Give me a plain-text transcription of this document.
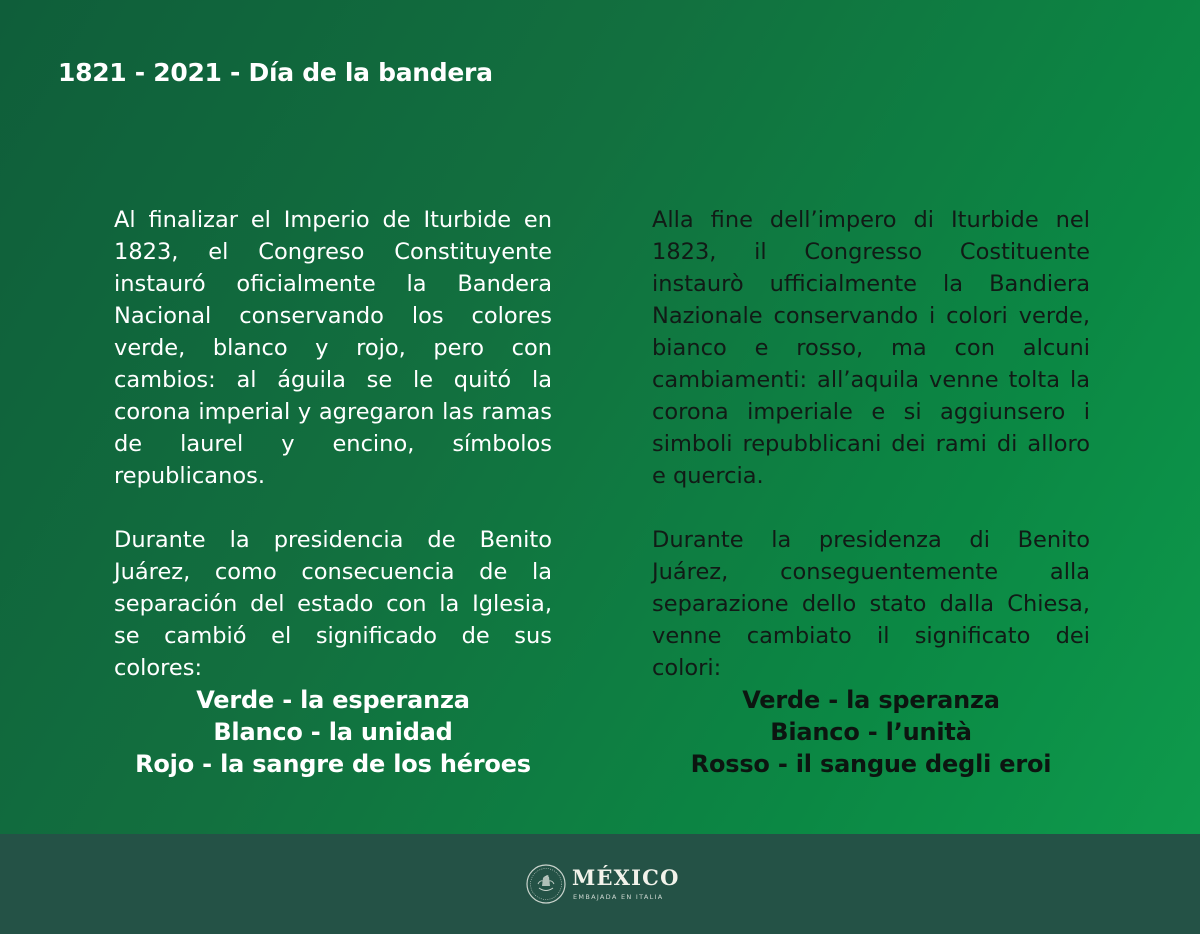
1821 - 2021 - Día de la bandera

Al finalizar el Imperio de Iturbide en 1823, el Congreso Constituyente instauró oficialmente la Bandera Nacional conservando los colores verde, blanco y rojo, pero con cambios: al águila se le quitó la corona imperial y agregaron las ramas de laurel y encino, símbolos republicanos.

Durante la presidencia de Benito Juárez, como consecuencia de la separación del estado con la Iglesia, se cambió el significado de sus colores:

Verde - la esperanza
Blanco - la unidad
Rojo - la sangre de los héroes

Alla fine dell’impero di Iturbide nel 1823, il Congresso Costituente instaurò ufficialmente la Bandiera Nazionale conservando i colori verde, bianco e rosso, ma con alcuni cambiamenti: all’aquila venne tolta la corona imperiale e si aggiunsero i simboli repubblicani dei rami di alloro e quercia.

Durante la presidenza di Benito Juárez, conseguentemente alla separazione dello stato dalla Chiesa, venne cambiato il significato dei colori:

Verde - la speranza
Bianco - l’unità
Rosso - il sangue degli eroi
MÉXICO
EMBAJADA EN ITALIA
